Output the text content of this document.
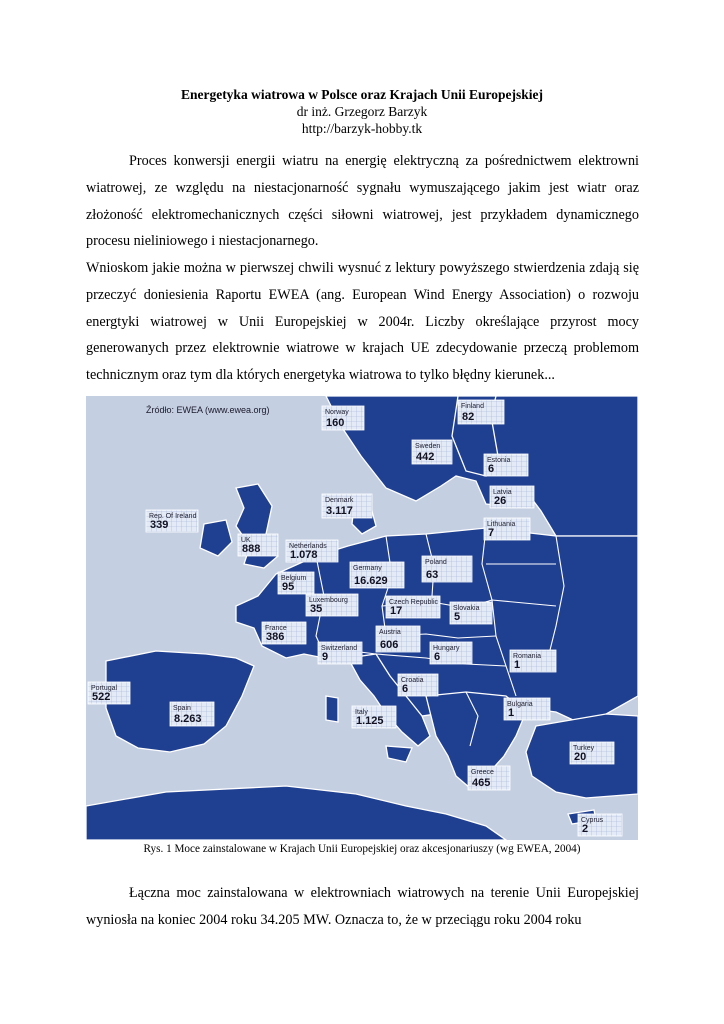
Energetyka wiatrowa w Polsce oraz Krajach Unii Europejskiej
dr inż. Grzegorz Barzyk
http://barzyk-hobby.tk
Proces konwersji energii wiatru na energię elektryczną za pośrednictwem elektrowni wiatrowej, ze względu na niestacjonarność sygnału wymuszającego jakim jest wiatr oraz złożoność elektromechanicznych części siłowni wiatrowej, jest przykładem dynamicznego procesu nieliniowego i niestacjonarnego.
Wnioskom jakie można w pierwszej chwili wysnuć z lektury powyższego stwierdzenia zdają się przeczyć doniesienia Raportu EWEA (ang. European Wind Energy Association) o rozwoju energtyki wiatrowej w Unii Europejskiej w 2004r. Liczby określające przyrost mocy generowanych przez elektrownie wiatrowe w krajach UE zdecydowanie przeczą problemom technicznym oraz tym dla których energetyka wiatrowa to tylko błędny kierunek...
Źródło: EWEA (www.ewea.org)	Finland
82
Norway
160
Sweden
442	Estonia
6
Latvia
26
Denmark
3.117
Rep. Of Ireland
339	Lithuania
7
UK
888	Netherlands
1.078
Poland
63
Germany
16.629
Belgium
95
Luxembourg
35
Czech Republic
17	Slovakia
5
France
386	Austria
606
Switzerland
9
Hungary
6	Romania
1
Portugal
522
Croatia
6
Spain
8.263
Italy
1.125
Bulgaria
1
Turkey
20
Greece
465
Cyprus
2
Rys. 1 Moce zainstalowane w Krajach Unii Europejskiej oraz akcesjonariuszy (wg EWEA, 2004)
Łączna moc zainstalowana w elektrowniach wiatrowych na terenie Unii Europejskiej wyniosła na koniec 2004 roku 34.205 MW. Oznacza to, że w przeciągu roku 2004 roku
